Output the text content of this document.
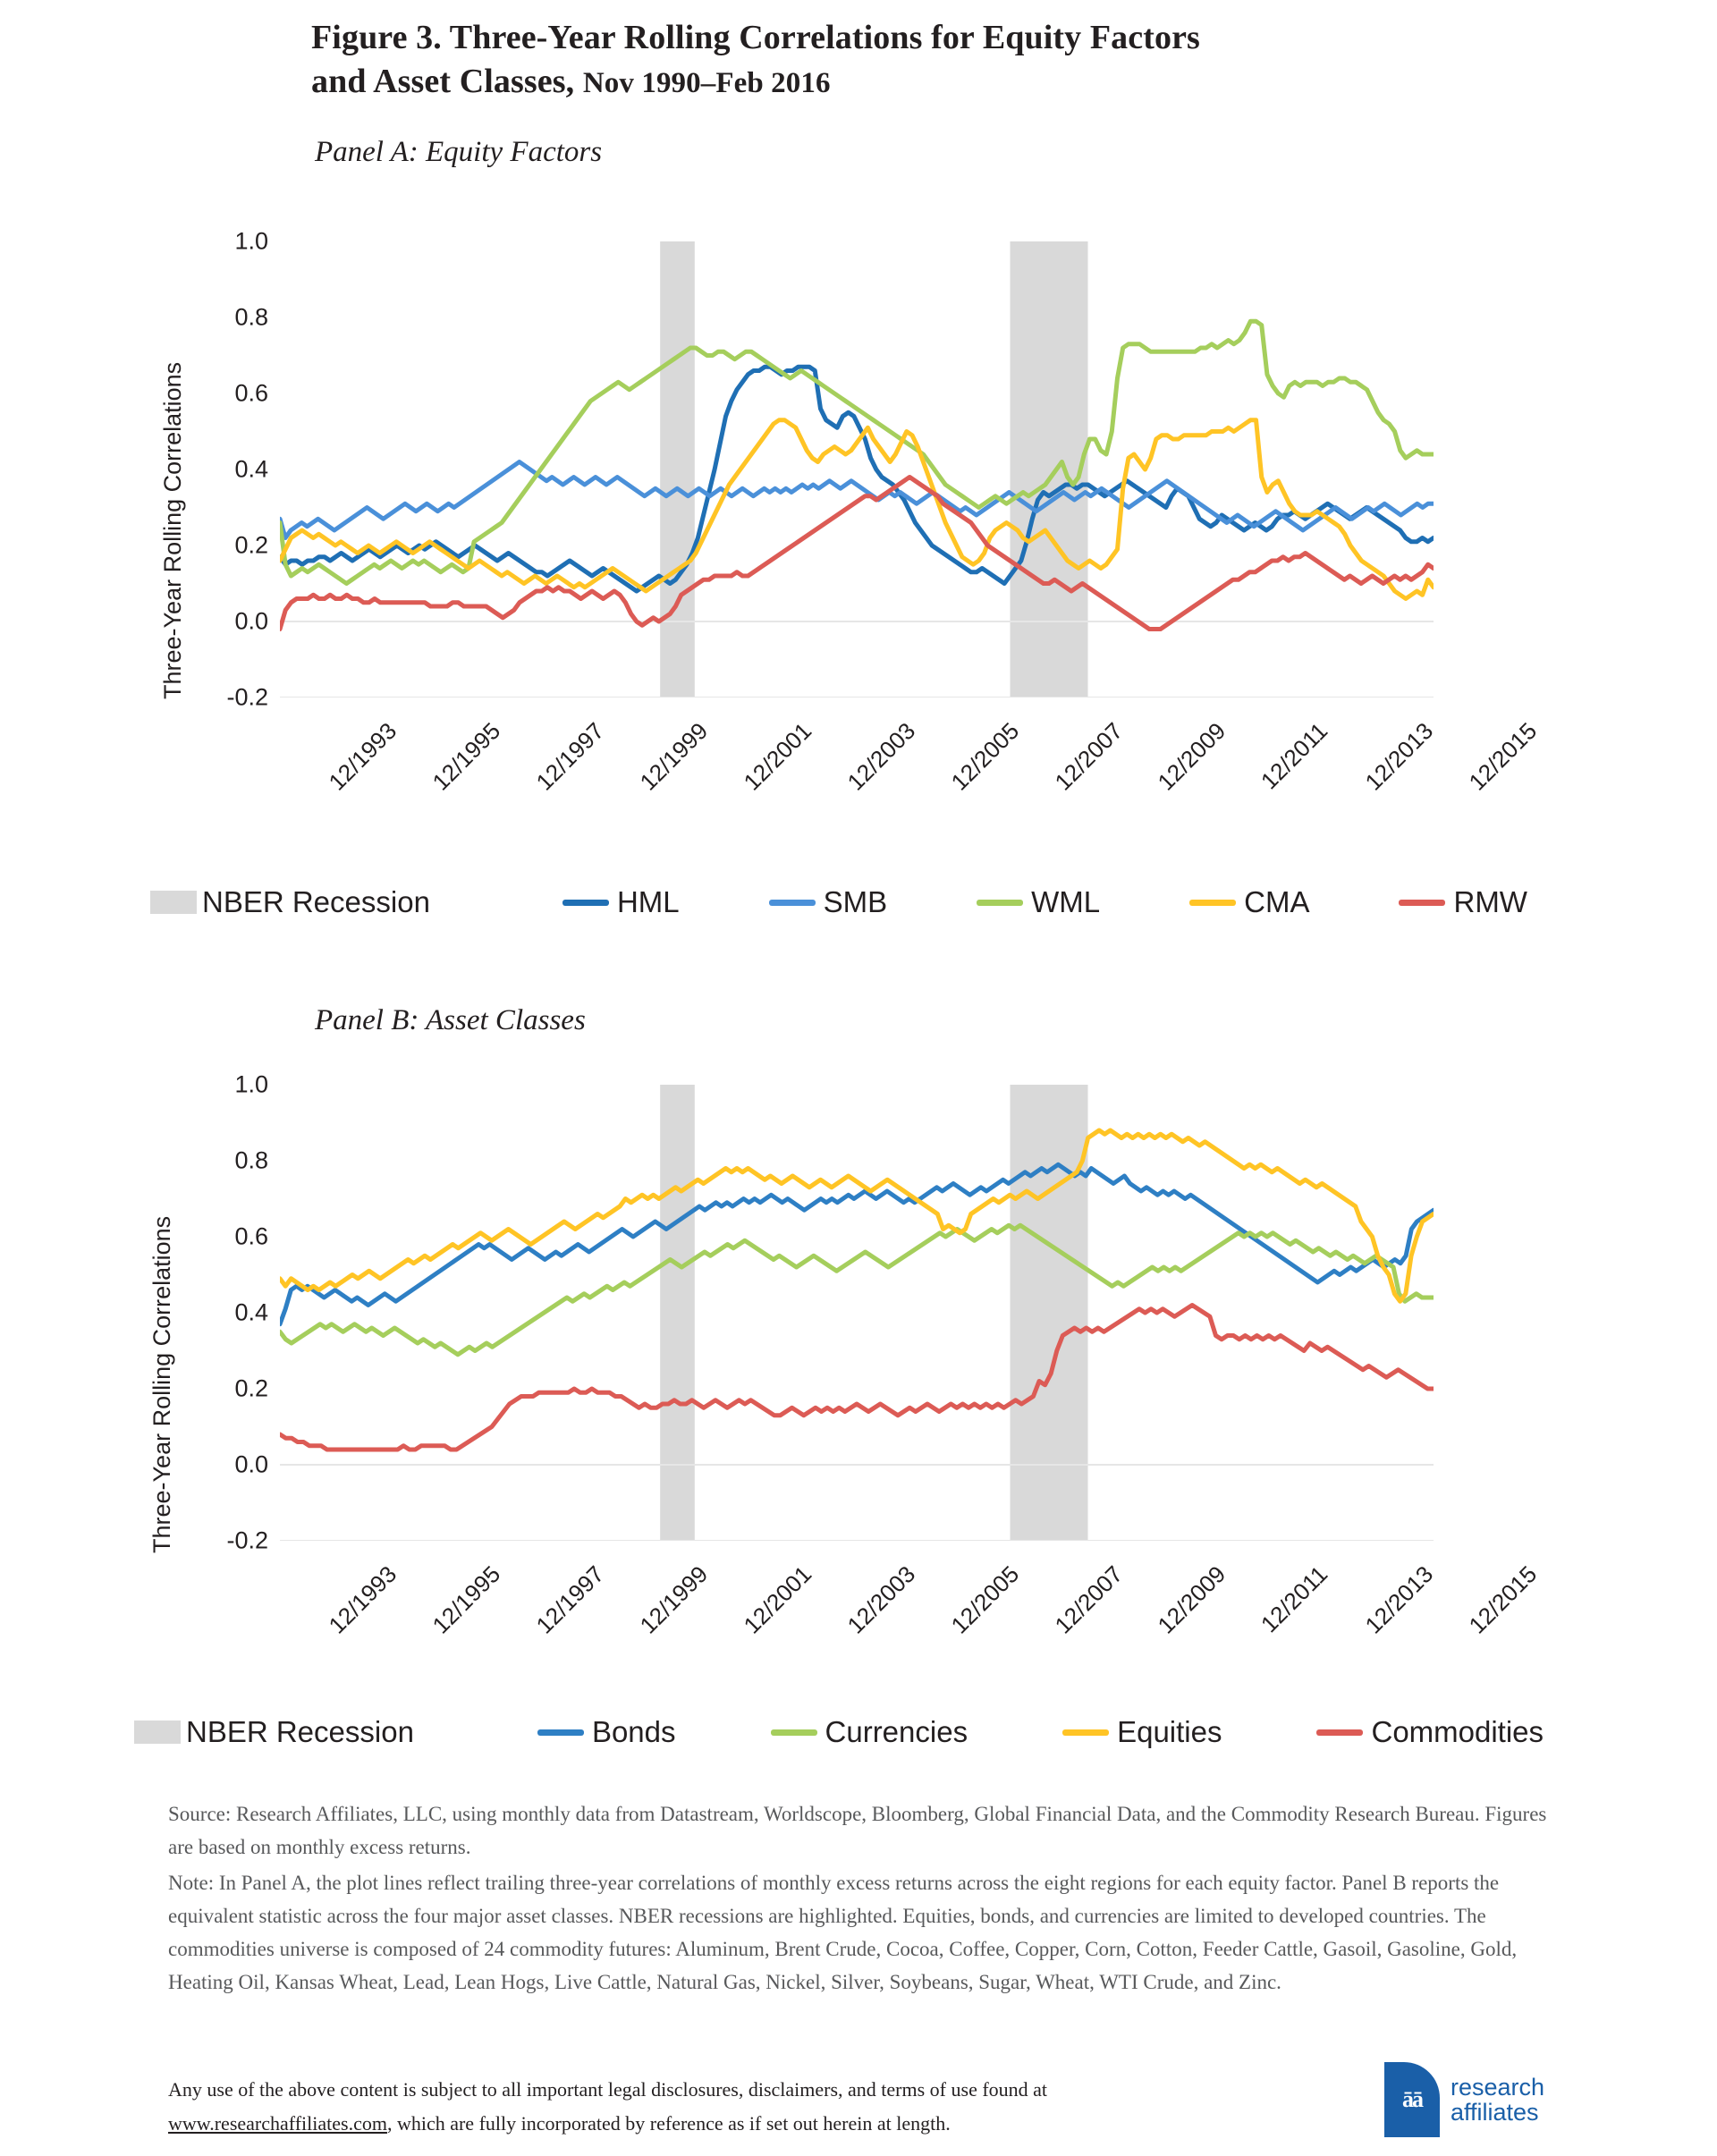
Figure 3. Three-Year Rolling Correlations for Equity Factors
and Asset Classes, Nov 1990–Feb 2016
Panel A: Equity Factors
Three-Year Rolling Correlations
1.0
0.8
0.6
0.4
0.2
0.0
-0.2
12/1993 12/1995 12/1997 12/1999 12/2001 12/2003 12/2005 12/2007 12/2009 12/2011 12/2013 12/2015
NBER Recession	HML	SMB	WML	CMA	RMW
Panel B: Asset Classes
Three-Year Rolling Correlations
1.0
0.8
0.6
0.4
0.2
0.0
-0.2
12/1993 12/1995 12/1997 12/1999 12/2001 12/2003 12/2005 12/2007 12/2009 12/2011 12/2013 12/2015
NBER Recession	Bonds	Currencies	Equities	Commodities

Source: Research Affiliates, LLC, using monthly data from Datastream, Worldscope, Bloomberg, Global Financial Data, and the Commodity Research Bureau. Figures are based on monthly excess returns.

Note: In Panel A, the plot lines reflect trailing three-year correlations of monthly excess returns across the eight regions for each equity factor. Panel B reports the equivalent statistic across the four major asset classes. NBER recessions are highlighted. Equities, bonds, and currencies are limited to developed countries. The commodities universe is composed of 24 commodity futures: Aluminum, Brent Crude, Cocoa, Coffee, Copper, Corn, Cotton, Feeder Cattle, Gasoil, Gasoline, Gold, Heating Oil, Kansas Wheat, Lead, Lean Hogs, Live Cattle, Natural Gas, Nickel, Silver, Soybeans, Sugar, Wheat, WTI Crude, and Zinc.

Any use of the above content is subject to all important legal disclosures, disclaimers, and terms of use found at
www.researchaffiliates.com, which are fully incorporated by reference as if set out herein at length.
āā research
affiliates
